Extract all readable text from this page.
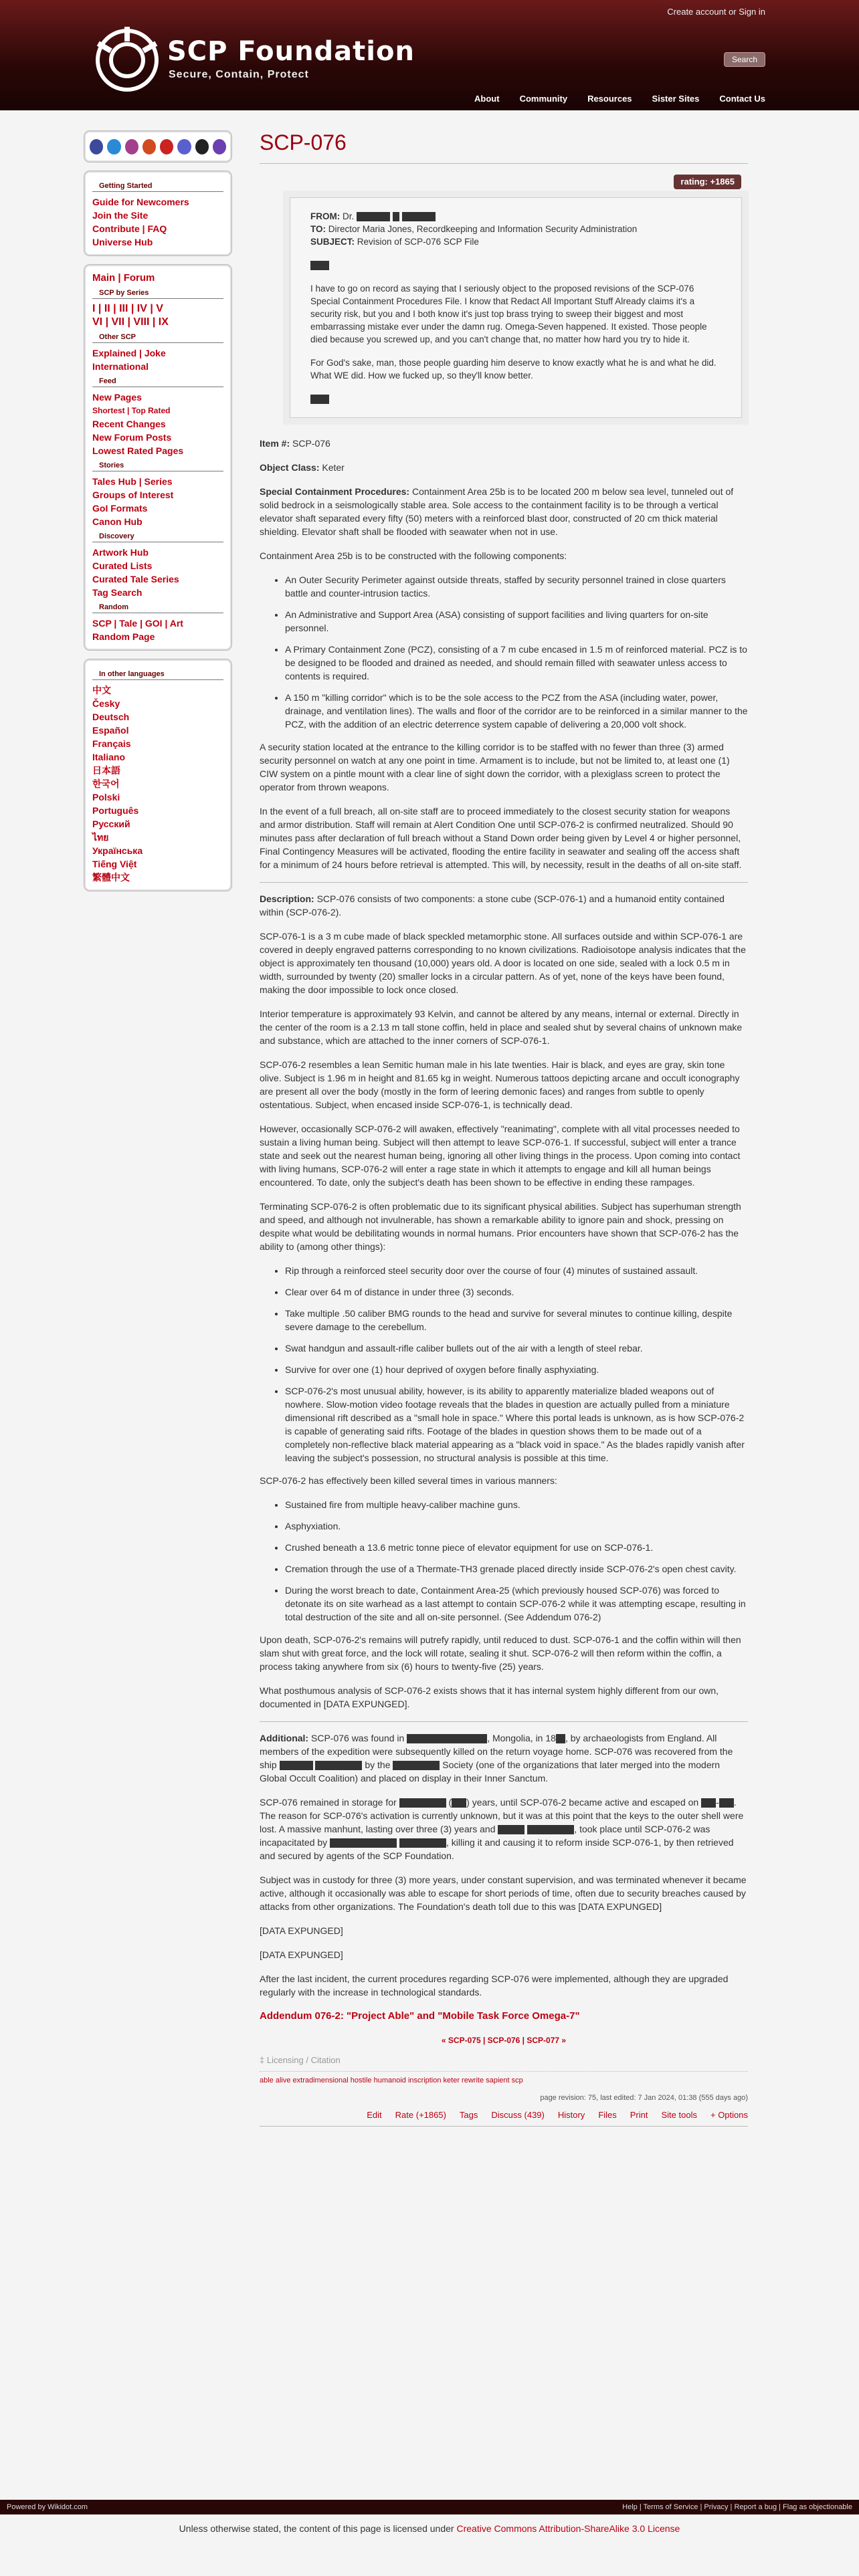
Create account or Sign in
SCP Foundation
Secure, Contain, Protect
Search
About Community Resources Sister Sites Contact Us
Getting Started
Guide for Newcomers
Join the Site
Contribute | FAQ
Universe Hub
Main | Forum
SCP by Series
I | II | III | IV | V
VI | VII | VIII | IX
Other SCP
Explained | Joke
International
Feed
New Pages
Shortest | Top Rated
Recent Changes
New Forum Posts
Lowest Rated Pages
Stories
Tales Hub | Series
Groups of Interest
GoI Formats
Canon Hub
Discovery
Artwork Hub
Curated Lists
Curated Tale Series
Tag Search
Random
SCP | Tale | GOI | Art
Random Page
In other languages
中文
Česky
Deutsch
Español
Français
Italiano
日本語
한국어
Polski
Português
Русский
ไทย
Українська
Tiếng Việt
繁體中文
SCP-076
rating: +1865

FROM: Dr.
TO: Director Maria Jones, Recordkeeping and Information Security Administration
SUBJECT: Revision of SCP-076 SCP File

I have to go on record as saying that I seriously object to the proposed revisions of the SCP-076 Special Containment Procedures File. I know that Redact All Important Stuff Already claims it's a security risk, but you and I both know it's just top brass trying to sweep their biggest and most embarrassing mistake ever under the damn rug. Omega-Seven happened. It existed. Those people died because you screwed up, and you can't change that, no matter how hard you try to hide it.

For God's sake, man, those people guarding him deserve to know exactly what he is and what he did. What WE did. How we fucked up, so they'll know better.

Item #: SCP-076

Object Class: Keter

Special Containment Procedures: Containment Area 25b is to be located 200 m below sea level, tunneled out of solid bedrock in a seismologically stable area. Sole access to the containment facility is to be through a vertical elevator shaft separated every fifty (50) meters with a reinforced blast door, constructed of 20 cm thick material shielding. Elevator shaft shall be flooded with seawater when not in use.

Containment Area 25b is to be constructed with the following components:

• An Outer Security Perimeter against outside threats, staffed by security personnel trained in close quarters battle and counter-intrusion tactics.
• An Administrative and Support Area (ASA) consisting of support facilities and living quarters for on-site personnel.
• A Primary Containment Zone (PCZ), consisting of a 7 m cube encased in 1.5 m of reinforced material. PCZ is to be designed to be flooded and drained as needed, and should remain filled with seawater unless access to contents is required.
• A 150 m "killing corridor" which is to be the sole access to the PCZ from the ASA (including water, power, drainage, and ventilation lines). The walls and floor of the corridor are to be reinforced in a similar manner to the PCZ, with the addition of an electric deterrence system capable of delivering a 20,000 volt shock.

A security station located at the entrance to the killing corridor is to be staffed with no fewer than three (3) armed security personnel on watch at any one point in time. Armament is to include, but not be limited to, at least one (1) CIW system on a pintle mount with a clear line of sight down the corridor, with a plexiglass screen to protect the operator from thrown weapons.

In the event of a full breach, all on-site staff are to proceed immediately to the closest security station for weapons and armor distribution. Staff will remain at Alert Condition One until SCP-076-2 is confirmed neutralized. Should 90 minutes pass after declaration of full breach without a Stand Down order being given by Level 4 or higher personnel, Final Contingency Measures will be activated, flooding the entire facility in seawater and sealing off the access shaft for a minimum of 24 hours before retrieval is attempted. This will, by necessity, result in the deaths of all on-site staff.

Description: SCP-076 consists of two components: a stone cube (SCP-076-1) and a humanoid entity contained within (SCP-076-2).

SCP-076-1 is a 3 m cube made of black speckled metamorphic stone. All surfaces outside and within SCP-076-1 are covered in deeply engraved patterns corresponding to no known civilizations. Radioisotope analysis indicates that the object is approximately ten thousand (10,000) years old. A door is located on one side, sealed with a lock 0.5 m in width, surrounded by twenty (20) smaller locks in a circular pattern. As of yet, none of the keys have been found, making the door impossible to lock once closed.

Interior temperature is approximately 93 Kelvin, and cannot be altered by any means, internal or external. Directly in the center of the room is a 2.13 m tall stone coffin, held in place and sealed shut by several chains of unknown make and substance, which are attached to the inner corners of SCP-076-1.

SCP-076-2 resembles a lean Semitic human male in his late twenties. Hair is black, and eyes are gray, skin tone olive. Subject is 1.96 m in height and 81.65 kg in weight. Numerous tattoos depicting arcane and occult iconography are present all over the body (mostly in the form of leering demonic faces) and ranges from subtle to openly ostentatious. Subject, when encased inside SCP-076-1, is technically dead.

However, occasionally SCP-076-2 will awaken, effectively "reanimating", complete with all vital processes needed to sustain a living human being. Subject will then attempt to leave SCP-076-1. If successful, subject will enter a trance state and seek out the nearest human being, ignoring all other living things in the process. Upon coming into contact with living humans, SCP-076-2 will enter a rage state in which it attempts to engage and kill all human beings encountered. To date, only the subject's death has been shown to be effective in ending these rampages.

Terminating SCP-076-2 is often problematic due to its significant physical abilities. Subject has superhuman strength and speed, and although not invulnerable, has shown a remarkable ability to ignore pain and shock, pressing on despite what would be debilitating wounds in normal humans. Prior encounters have shown that SCP-076-2 has the ability to (among other things):

• Rip through a reinforced steel security door over the course of four (4) minutes of sustained assault.
• Clear over 64 m of distance in under three (3) seconds.
• Take multiple .50 caliber BMG rounds to the head and survive for several minutes to continue killing, despite severe damage to the cerebellum.
• Swat handgun and assault-rifle caliber bullets out of the air with a length of steel rebar.
• Survive for over one (1) hour deprived of oxygen before finally asphyxiating.
• SCP-076-2's most unusual ability, however, is its ability to apparently materialize bladed weapons out of nowhere. Slow-motion video footage reveals that the blades in question are actually pulled from a miniature dimensional rift described as a "small hole in space." Where this portal leads is unknown, as is how SCP-076-2 is capable of generating said rifts. Footage of the blades in question shows them to be made out of a completely non-reflective black material appearing as a "black void in space." As the blades rapidly vanish after leaving the subject's possession, no structural analysis is possible at this time.

SCP-076-2 has effectively been killed several times in various manners:

• Sustained fire from multiple heavy-caliber machine guns.
• Asphyxiation.
• Crushed beneath a 13.6 metric tonne piece of elevator equipment for use on SCP-076-1.
• Cremation through the use of a Thermate-TH3 grenade placed directly inside SCP-076-2's open chest cavity.
• During the worst breach to date, Containment Area-25 (which previously housed SCP-076) was forced to detonate its on site warhead as a last attempt to contain SCP-076-2 while it was attempting escape, resulting in total destruction of the site and all on-site personnel. (See Addendum 076-2)

Upon death, SCP-076-2's remains will putrefy rapidly, until reduced to dust. SCP-076-1 and the coffin within will then slam shut with great force, and the lock will rotate, sealing it shut. SCP-076-2 will then reform within the coffin, a process taking anywhere from six (6) hours to twenty-five (25) years.

What posthumous analysis of SCP-076-2 exists shows that it has internal system highly different from our own, documented in [DATA EXPUNGED].

Additional: SCP-076 was found in	, Mongolia, in 18 , by archaeologists from England. All members of the expedition were subsequently killed on the return voyage home. SCP-076 was recovered from the ship	by the	Society (one of the organizations that later merged into the modern Global Occult Coalition) and placed on display in their Inner Sanctum.

SCP-076 remained in storage for	( ) years, until SCP-076-2 became active and escaped on - . The reason for SCP-076's activation is currently unknown, but it was at this point that the keys to the outer shell were lost. A massive manhunt, lasting over three (3) years and	, took place until SCP-076-2 was incapacitated by	, killing it and causing it to reform inside SCP-076-1, by then retrieved and secured by agents of the SCP Foundation.

Subject was in custody for three (3) more years, under constant supervision, and was terminated whenever it became active, although it occasionally was able to escape for short periods of time, often due to security breaches caused by attacks from other organizations. The Foundation's death toll due to this was [DATA EXPUNGED]

[DATA EXPUNGED]

[DATA EXPUNGED]

After the last incident, the current procedures regarding SCP-076 were implemented, although they are upgraded regularly with the increase in technological standards.

Addendum 076-2: "Project Able" and "Mobile Task Force Omega-7"

« SCP-075 | SCP-076 | SCP-077 »
‡ Licensing / Citation
able alive extradimensional hostile humanoid inscription keter rewrite sapient scp
page revision: 75, last edited: 7 Jan 2024, 01:38 (555 days ago)
Edit Rate (+1865) Tags Discuss (439) History Files Print Site tools + Options
Powered by Wikidot.com	Help | Terms of Service | Privacy | Report a bug | Flag as objectionable
Unless otherwise stated, the content of this page is licensed under Creative Commons Attribution-ShareAlike 3.0 License
